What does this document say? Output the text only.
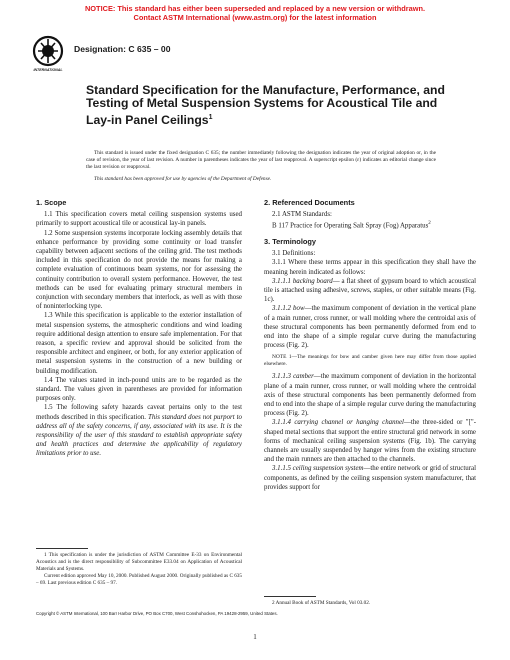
NOTICE: This standard has either been superseded and replaced by a new version or withdrawn.
Contact ASTM International (www.astm.org) for the latest information
INTERNATIONAL
Designation: C 635 – 00
Standard Specification for the Manufacture, Performance, and Testing of Metal Suspension Systems for Acoustical Tile and Lay-in Panel Ceilings$^1$

This standard is issued under the fixed designation C 635; the number immediately following the designation indicates the year of original adoption or, in the case of revision, the year of last revision. A number in parentheses indicates the year of last reapproval. A superscript epsilon (ε) indicates an editorial change since the last revision or reapproval.

This standard has been approved for use by agencies of the Department of Defense.

1. Scope

1.1 This specification covers metal ceiling suspension systems used primarily to support acoustical tile or acoustical lay-in panels.

1.2 Some suspension systems incorporate locking assembly details that enhance performance by providing some continuity or load transfer capability between adjacent sections of the ceiling grid. The test methods included in this specification do not provide the means for making a complete evaluation of continuous beam systems, nor for assessing the continuity contribution to overall system performance. However, the test methods can be used for evaluating primary structural members in conjunction with secondary members that interlock, as well as with those of noninterlocking type.

1.3 While this specification is applicable to the exterior installation of metal suspension systems, the atmospheric conditions and wind loading require additional design attention to ensure safe implementation. For that reason, a specific review and approval should be solicited from the responsible architect and engineer, or both, for any exterior application of metal suspension systems in the construction of a new building or building modification.

1.4 The values stated in inch-pound units are to be regarded as the standard. The values given in parentheses are provided for information purposes only.

1.5 The following safety hazards caveat pertains only to the test methods described in this specification. This standard does not purport to address all of the safety concerns, if any, associated with its use. It is the responsibility of the user of this standard to establish appropriate safety and health practices and determine the applicability of regulatory limitations prior to use.

2. Referenced Documents

2.1 ASTM Standards:

B 117 Practice for Operating Salt Spray (Fog) Apparatus$^2$

3. Terminology

3.1 Definitions:

3.1.1 Where these terms appear in this specification they shall have the meaning herein indicated as follows:

3.1.1.1 backing board— a flat sheet of gypsum board to which acoustical tile is attached using adhesive, screws, staples, or other suitable means (Fig. 1c).

3.1.1.2 bow—the maximum component of deviation in the vertical plane of a main runner, cross runner, or wall molding where the centroidal axis of these structural components has been permanently deformed from end to end into the shape of a simple regular curve during the manufacturing process (Fig. 2).

NOTE 1—The meanings for bow and camber given here may differ from those applied elsewhere.

3.1.1.3 camber—the maximum component of deviation in the horizontal plane of a main runner, cross runner, or wall molding where the centroidal axis of these structural components has been permanently deformed from end to end into the shape of a simple regular curve during the manufacturing process (Fig. 2).

3.1.1.4 carrying channel or hanging channel—the three-sided or "["-shaped metal sections that support the entire structural grid network in some forms of mechanical ceiling suspension systems (Fig. 1b). The carrying channels are usually suspended by hanger wires from the existing structure and the main runners are then attached to the channels.

3.1.1.5 ceiling suspension system—the entire network or grid of structural components, as defined by the ceiling suspension system manufacturer, that provides support for

1 This specification is under the jurisdiction of ASTM Committee E-33 on Environmental Acoustics and is the direct responsibility of Subcommittee E33.04 on Application of Acoustical Materials and Systems.

Current edition approved May 10, 2000. Published August 2000. Originally published as C 635 – 69. Last previous edition C 635 – 97.

2 Annual Book of ASTM Standards, Vol 03.02.

Copyright © ASTM International, 100 Barr Harbor Drive, PO Box C700, West Conshohocken, PA 19428-2959, United States.
1
